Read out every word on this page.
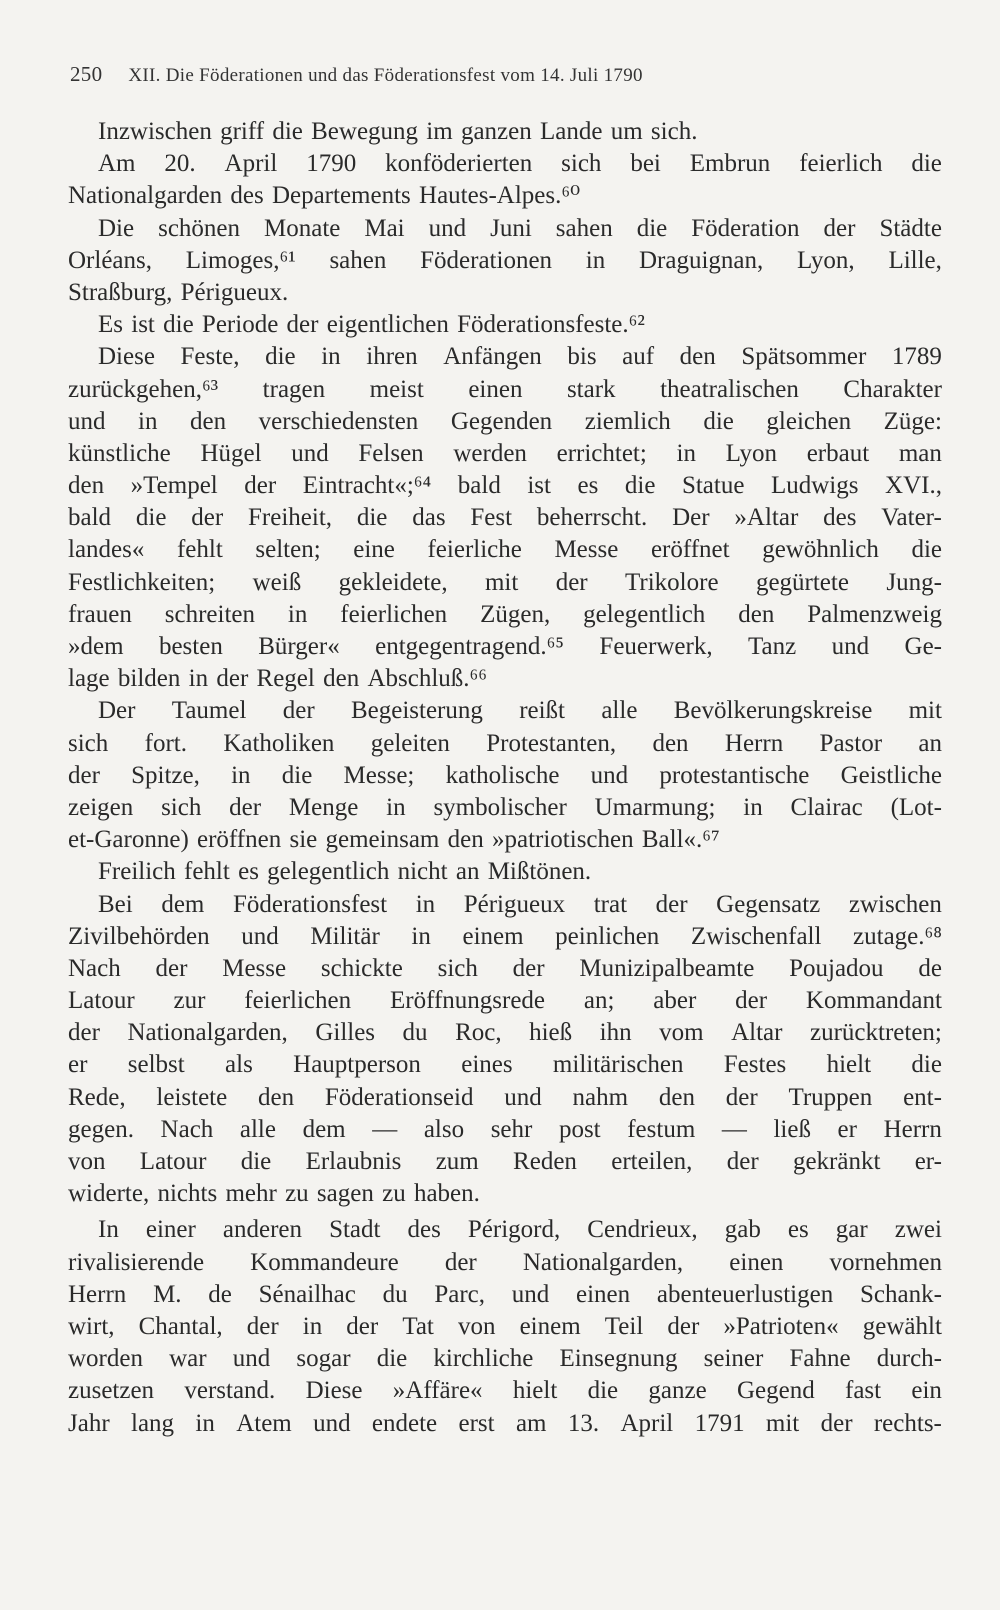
250 XII. Die Föderationen und das Föderationsfest vom 14. Juli 1790
Inzwischen griff die Bewegung im ganzen Lande um sich.
Am 20. April 1790 konföderierten sich bei Embrun feierlich die
Nationalgarden des Departements Hautes-Alpes.⁶⁰
Die schönen Monate Mai und Juni sahen die Föderation der Städte
Orléans, Limoges,⁶¹ sahen Föderationen in Draguignan, Lyon, Lille,
Straßburg, Périgueux.
Es ist die Periode der eigentlichen Föderationsfeste.⁶²
Diese Feste, die in ihren Anfängen bis auf den Spätsommer 1789
zurückgehen,⁶³ tragen meist einen stark theatralischen Charakter
und in den verschiedensten Gegenden ziemlich die gleichen Züge:
künstliche Hügel und Felsen werden errichtet; in Lyon erbaut man
den »Tempel der Eintracht«;⁶⁴ bald ist es die Statue Ludwigs XVI.,
bald die der Freiheit, die das Fest beherrscht. Der »Altar des Vater-
landes« fehlt selten; eine feierliche Messe eröffnet gewöhnlich die
Festlichkeiten; weiß gekleidete, mit der Trikolore gegürtete Jung-
frauen schreiten in feierlichen Zügen, gelegentlich den Palmenzweig
»dem besten Bürger« entgegentragend.⁶⁵ Feuerwerk, Tanz und Ge-
lage bilden in der Regel den Abschluß.⁶⁶
Der Taumel der Begeisterung reißt alle Bevölkerungskreise mit
sich fort. Katholiken geleiten Protestanten, den Herrn Pastor an
der Spitze, in die Messe; katholische und protestantische Geistliche
zeigen sich der Menge in symbolischer Umarmung; in Clairac (Lot-
et-Garonne) eröffnen sie gemeinsam den »patriotischen Ball«.⁶⁷
Freilich fehlt es gelegentlich nicht an Mißtönen.
Bei dem Föderationsfest in Périgueux trat der Gegensatz zwischen
Zivilbehörden und Militär in einem peinlichen Zwischenfall zutage.⁶⁸
Nach der Messe schickte sich der Munizipalbeamte Poujadou de
Latour zur feierlichen Eröffnungsrede an; aber der Kommandant
der Nationalgarden, Gilles du Roc, hieß ihn vom Altar zurücktreten;
er selbst als Hauptperson eines militärischen Festes hielt die
Rede, leistete den Föderationseid und nahm den der Truppen ent-
gegen. Nach alle dem — also sehr post festum — ließ er Herrn
von Latour die Erlaubnis zum Reden erteilen, der gekränkt er-
widerte, nichts mehr zu sagen zu haben.
In einer anderen Stadt des Périgord, Cendrieux, gab es gar zwei
rivalisierende Kommandeure der Nationalgarden, einen vornehmen
Herrn M. de Sénailhac du Parc, und einen abenteuerlustigen Schank-
wirt, Chantal, der in der Tat von einem Teil der »Patrioten« gewählt
worden war und sogar die kirchliche Einsegnung seiner Fahne durch-
zusetzen verstand. Diese »Affäre« hielt die ganze Gegend fast ein
Jahr lang in Atem und endete erst am 13. April 1791 mit der rechts-
